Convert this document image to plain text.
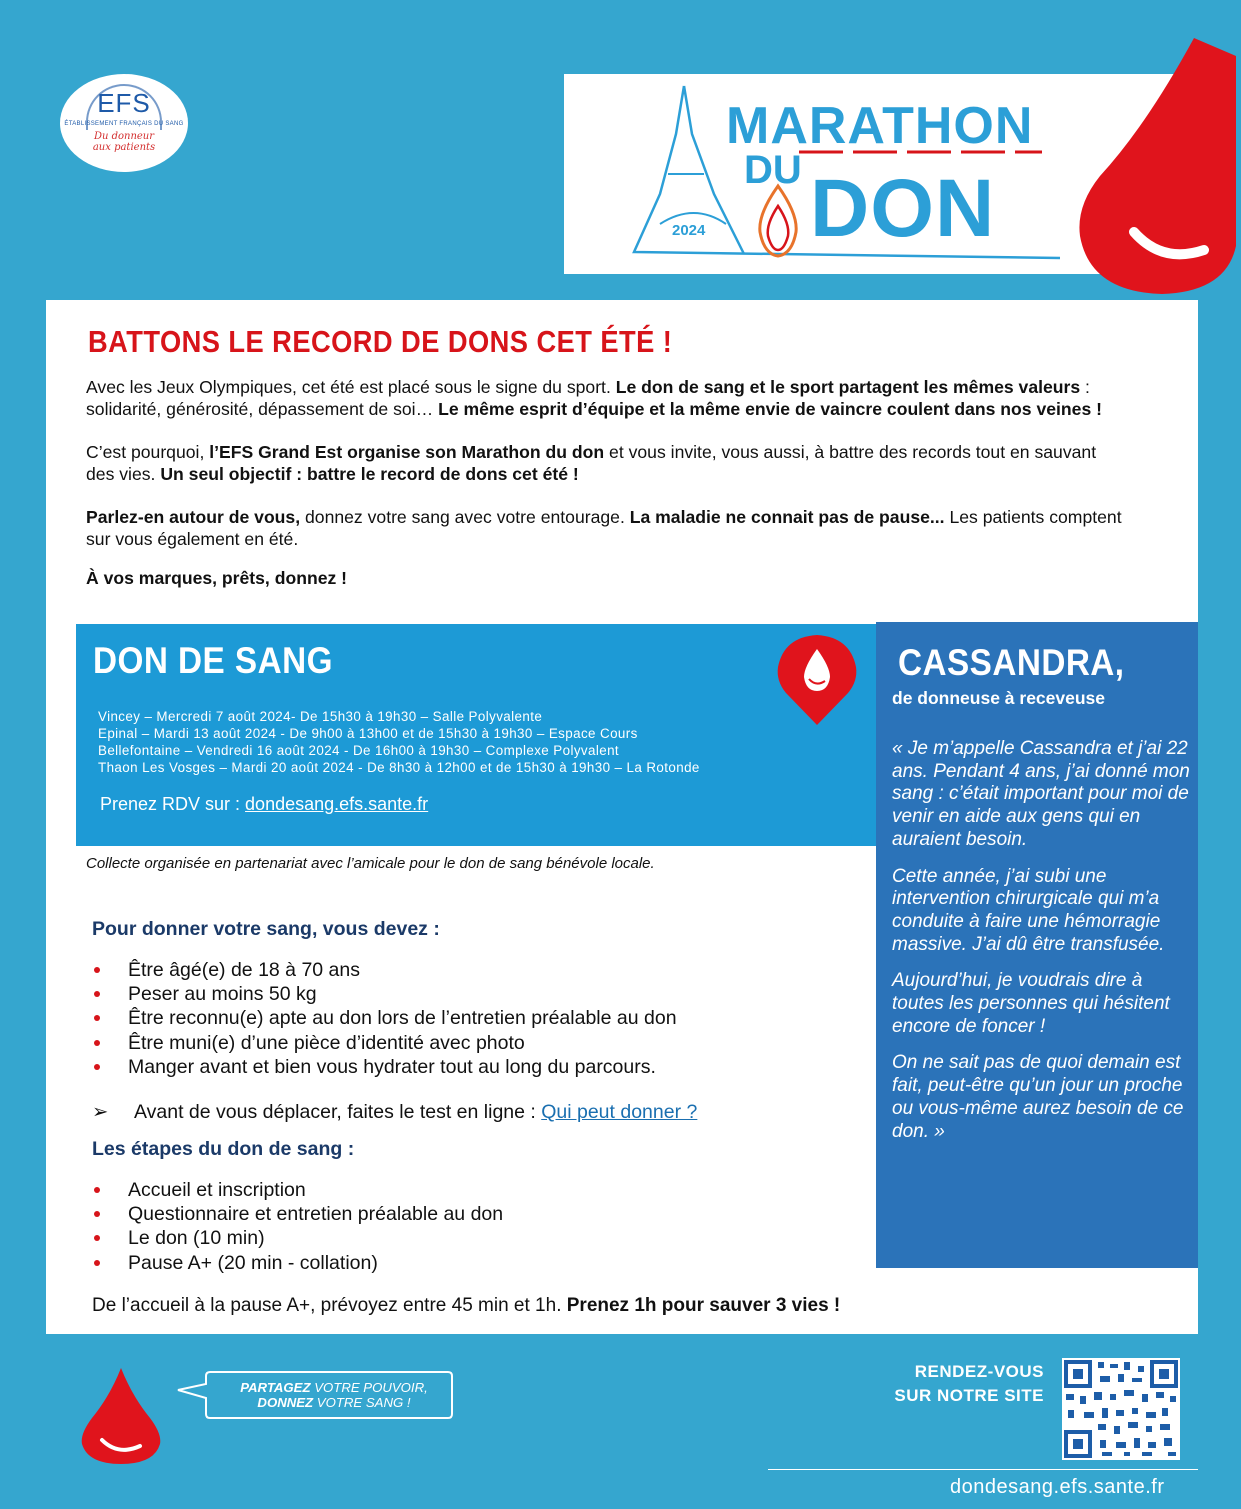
EFS
ÉTABLISSEMENT FRANÇAIS DU SANG
Du donneur
aux patients	MARATHON
DU DON
2024
BATTONS LE RECORD DE DONS CET ÉTÉ !

Avec les Jeux Olympiques, cet été est placé sous le signe du sport. Le don de sang et le sport partagent les mêmes valeurs : solidarité, générosité, dépassement de soi… Le même esprit d’équipe et la même envie de vaincre coulent dans nos veines !

C’est pourquoi, l’EFS Grand Est organise son Marathon du don et vous invite, vous aussi, à battre des records tout en sauvant des vies. Un seul objectif : battre le record de dons cet été !

Parlez-en autour de vous, donnez votre sang avec votre entourage. La maladie ne connait pas de pause... Les patients comptent sur vous également en été.

À vos marques, prêts, donnez !

DON DE SANG
Vincey – Mercredi 7 août 2024- De 15h30 à 19h30 – Salle Polyvalente
Epinal – Mardi 13 août 2024 - De 9h00 à 13h00 et de 15h30 à 19h30 – Espace Cours
Bellefontaine – Vendredi 16 août 2024 - De 16h00 à 19h30 – Complexe Polyvalent
Thaon Les Vosges – Mardi 20 août 2024 - De 8h30 à 12h00 et de 15h30 à 19h30 – La Rotonde
Prenez RDV sur : dondesang.efs.sante.fr
Collecte organisée en partenariat avec l’amicale pour le don de sang bénévole locale.
CASSANDRA,
de donneuse à receveuse

« Je m’appelle Cassandra et j’ai 22 ans. Pendant 4 ans, j’ai donné mon sang : c’était important pour moi de venir en aide aux gens qui en auraient besoin.

Cette année, j’ai subi une intervention chirurgicale qui m’a conduite à faire une hémorragie massive. J’ai dû être transfusée.

Aujourd’hui, je voudrais dire à toutes les personnes qui hésitent encore de foncer !

On ne sait pas de quoi demain est fait, peut-être qu’un jour un proche ou vous-même aurez besoin de ce don. »

Pour donner votre sang, vous devez :
Être âgé(e) de 18 à 70 ans
Peser au moins 50 kg
Être reconnu(e) apte au don lors de l’entretien préalable au don
Être muni(e) d’une pièce d’identité avec photo
Manger avant et bien vous hydrater tout au long du parcours.
➢ Avant de vous déplacer, faites le test en ligne : Qui peut donner ?
Les étapes du don de sang :
Accueil et inscription
Questionnaire et entretien préalable au don
Le don (10 min)
Pause A+ (20 min - collation)
De l’accueil à la pause A+, prévoyez entre 45 min et 1h. Prenez 1h pour sauver 3 vies !
PARTAGEZ VOTRE POUVOIR,
DONNEZ VOTRE SANG !
RENDEZ-VOUS
SUR NOTRE SITE
dondesang.efs.sante.fr
